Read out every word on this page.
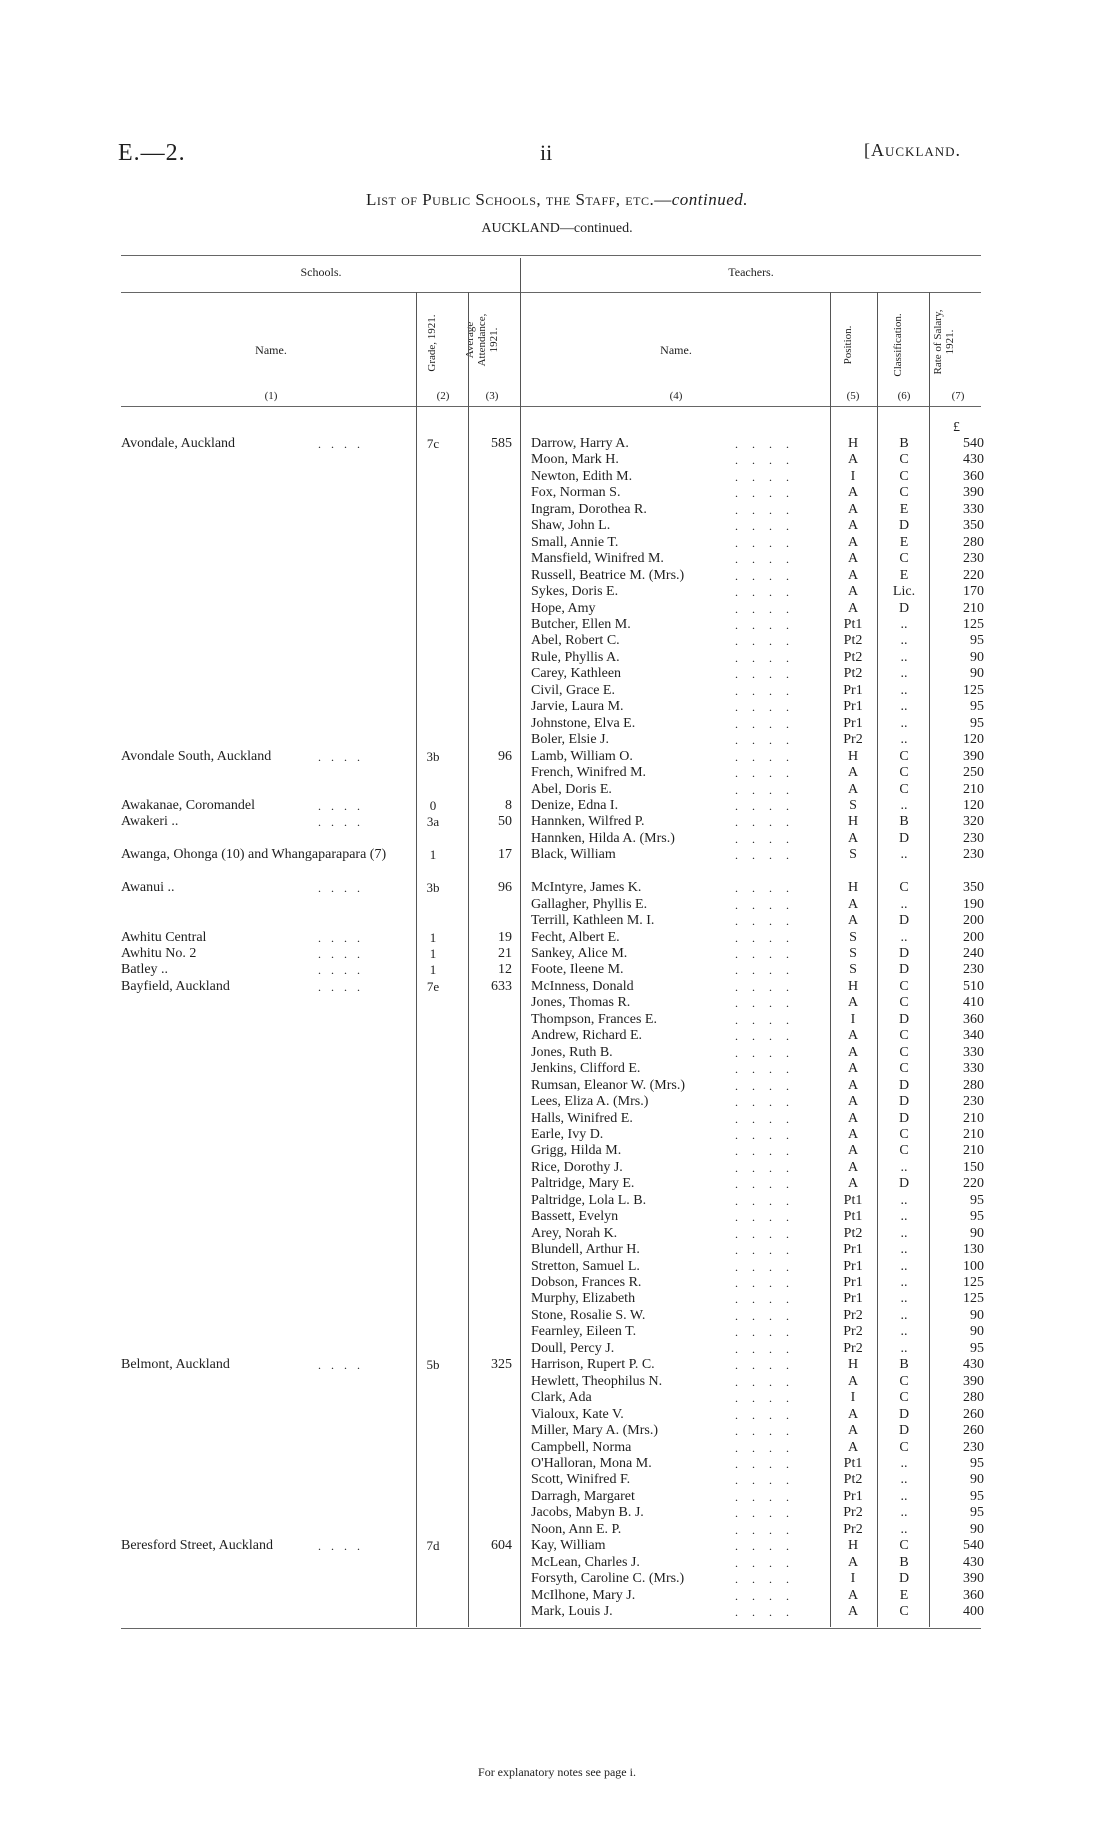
E.—2.	ii	[Auckland.
List of Public Schools, the Staff, etc.—continued.
AUCKLAND—continued.
Schools.	Teachers.
Name.	Grade, 1921.	Average Attendance, 1921.	Name.	Position.	Classification.	Rate of Salary, 1921.
(1)	(2)	(3)	(4)	(5)	(6)	(7)
£
Avondale, Auckland	....	7c	585 Darrow, Harry A.	....	H	B	540
Moon, Mark H.	....	A	C	430
Newton, Edith M.	....	I	C	360
Fox, Norman S.	....	A	C	390
Ingram, Dorothea R.	....	A	E	330
Shaw, John L.	....	A	D	350
Small, Annie T.	....	A	E	280
Mansfield, Winifred M.	....	A	C	230
Russell, Beatrice M. (Mrs.)	....	A	E	220
Sykes, Doris E.	....	A	Lic.	170
Hope, Amy	....	A	D	210
Butcher, Ellen M.	....	Pt1	..	125
Abel, Robert C.	....	Pt2	..	95
Rule, Phyllis A.	....	Pt2	..	90
Carey, Kathleen	....	Pt2	..	90
Civil, Grace E.	....	Pr1	..	125
Jarvie, Laura M.	....	Pr1	..	95
Johnstone, Elva E.	....	Pr1	..	95
Boler, Elsie J.	....	Pr2	..	120
Avondale South, Auckland	....	3b	96 Lamb, William O.	....	H	C	390
French, Winifred M.	....	A	C	250
Abel, Doris E.	....	A	C	210
Awakanae, Coromandel	....	0	8 Denize, Edna I.	....	S	..	120
Awakeri ..	....	3a	50 Hannken, Wilfred P.	....	H	B	320
Hannken, Hilda A. (Mrs.)	....	A	D	230
Awanga, Ohonga (10) and Whangaparapara (7)	1	17 Black, William	....	S	..	230
Awanui ..	....	3b	96 McIntyre, James K.	....	H	C	350
Gallagher, Phyllis E.	....	A	..	190
Terrill, Kathleen M. I.	....	A	D	200
Awhitu Central	....	1	19 Fecht, Albert E.	....	S	..	200
Awhitu No. 2	....	1	21 Sankey, Alice M.	....	S	D	240
Batley ..	....	1	12 Foote, Ileene M.	....	S	D	230
Bayfield, Auckland	....	7e	633 McInness, Donald	....	H	C	510
Jones, Thomas R.	....	A	C	410
Thompson, Frances E.	....	I	D	360
Andrew, Richard E.	....	A	C	340
Jones, Ruth B.	....	A	C	330
Jenkins, Clifford E.	....	A	C	330
Rumsan, Eleanor W. (Mrs.)	....	A	D	280
Lees, Eliza A. (Mrs.)	....	A	D	230
Halls, Winifred E.	....	A	D	210
Earle, Ivy D.	....	A	C	210
Grigg, Hilda M.	....	A	C	210
Rice, Dorothy J.	....	A	..	150
Paltridge, Mary E.	....	A	D	220
Paltridge, Lola L. B.	....	Pt1	..	95
Bassett, Evelyn	....	Pt1	..	95
Arey, Norah K.	....	Pt2	..	90
Blundell, Arthur H.	....	Pr1	..	130
Stretton, Samuel L.	....	Pr1	..	100
Dobson, Frances R.	....	Pr1	..	125
Murphy, Elizabeth	....	Pr1	..	125
Stone, Rosalie S. W.	....	Pr2	..	90
Fearnley, Eileen T.	....	Pr2	..	90
Doull, Percy J.	....	Pr2	..	95
Belmont, Auckland	....	5b	325 Harrison, Rupert P. C.	....	H	B	430
Hewlett, Theophilus N.	....	A	C	390
Clark, Ada	....	I	C	280
Vialoux, Kate V.	....	A	D	260
Miller, Mary A. (Mrs.)	....	A	D	260
Campbell, Norma	....	A	C	230
O'Halloran, Mona M.	....	Pt1	..	95
Scott, Winifred F.	....	Pt2	..	90
Darragh, Margaret	....	Pr1	..	95
Jacobs, Mabyn B. J.	....	Pr2	..	95
Noon, Ann E. P.	....	Pr2	..	90
Beresford Street, Auckland	....	7d	604 Kay, William	....	H	C	540
McLean, Charles J.	....	A	B	430
Forsyth, Caroline C. (Mrs.)	....	I	D	390
McIlhone, Mary J.	....	A	E	360
Mark, Louis J.	....	A	C	400
For explanatory notes see page i.
